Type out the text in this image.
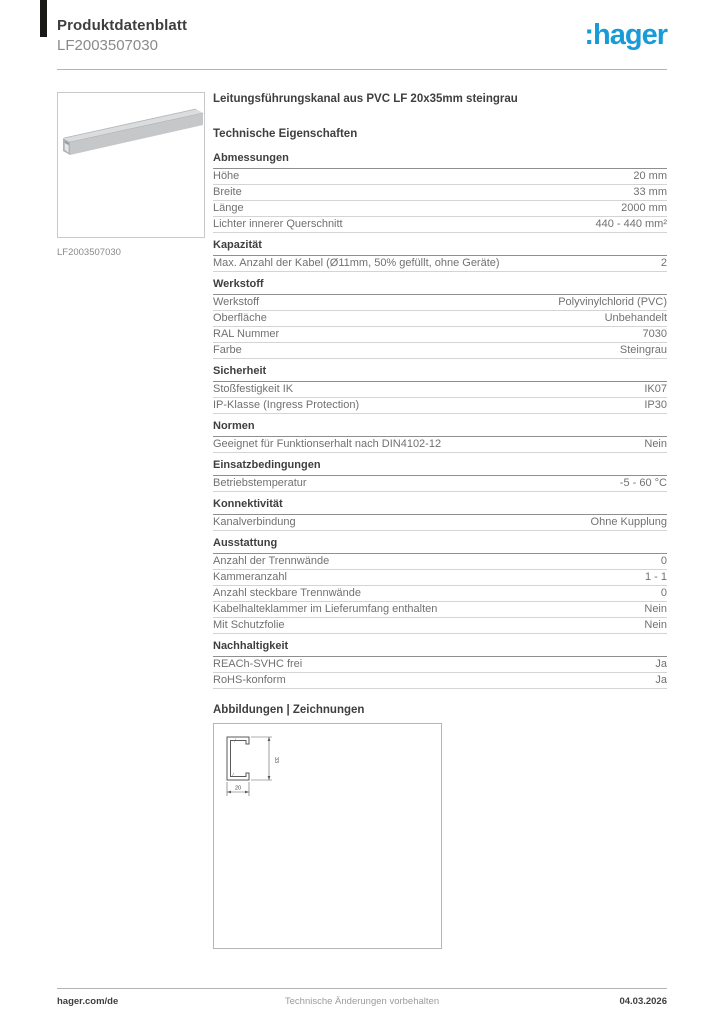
Produktdatenblatt
LF2003507030	:hager
LF2003507030
Leitungsführungskanal aus PVC LF 20x35mm steingrau
Technische Eigenschaften
Abmessungen
Höhe	20 mm
Breite	33 mm
Länge	2000 mm
Lichter innerer Querschnitt	440 - 440 mm²
Kapazität
Max. Anzahl der Kabel (Ø11mm, 50% gefüllt, ohne Geräte)	2
Werkstoff
Werkstoff	Polyvinylchlorid (PVC)
Oberfläche	Unbehandelt
RAL Nummer	7030
Farbe	Steingrau
Sicherheit
Stoßfestigkeit IK	IK07
IP-Klasse (Ingress Protection)	IP30
Normen
Geeignet für Funktionserhalt nach DIN4102-12	Nein
Einsatzbedingungen
Betriebstemperatur	-5 - 60 °C
Konnektivität
Kanalverbindung	Ohne Kupplung
Ausstattung
Anzahl der Trennwände	0
Kammeranzahl	1 - 1
Anzahl steckbare Trennwände	0
Kabelhalteklammer im Lieferumfang enthalten	Nein
Mit Schutzfolie	Nein
Nachhaltigkeit
REACh-SVHC frei	Ja
RoHS-konform	Ja
Abbildungen | Zeichnungen
33
20
hager.com/de	Technische Änderungen vorbehalten	04.03.2026
